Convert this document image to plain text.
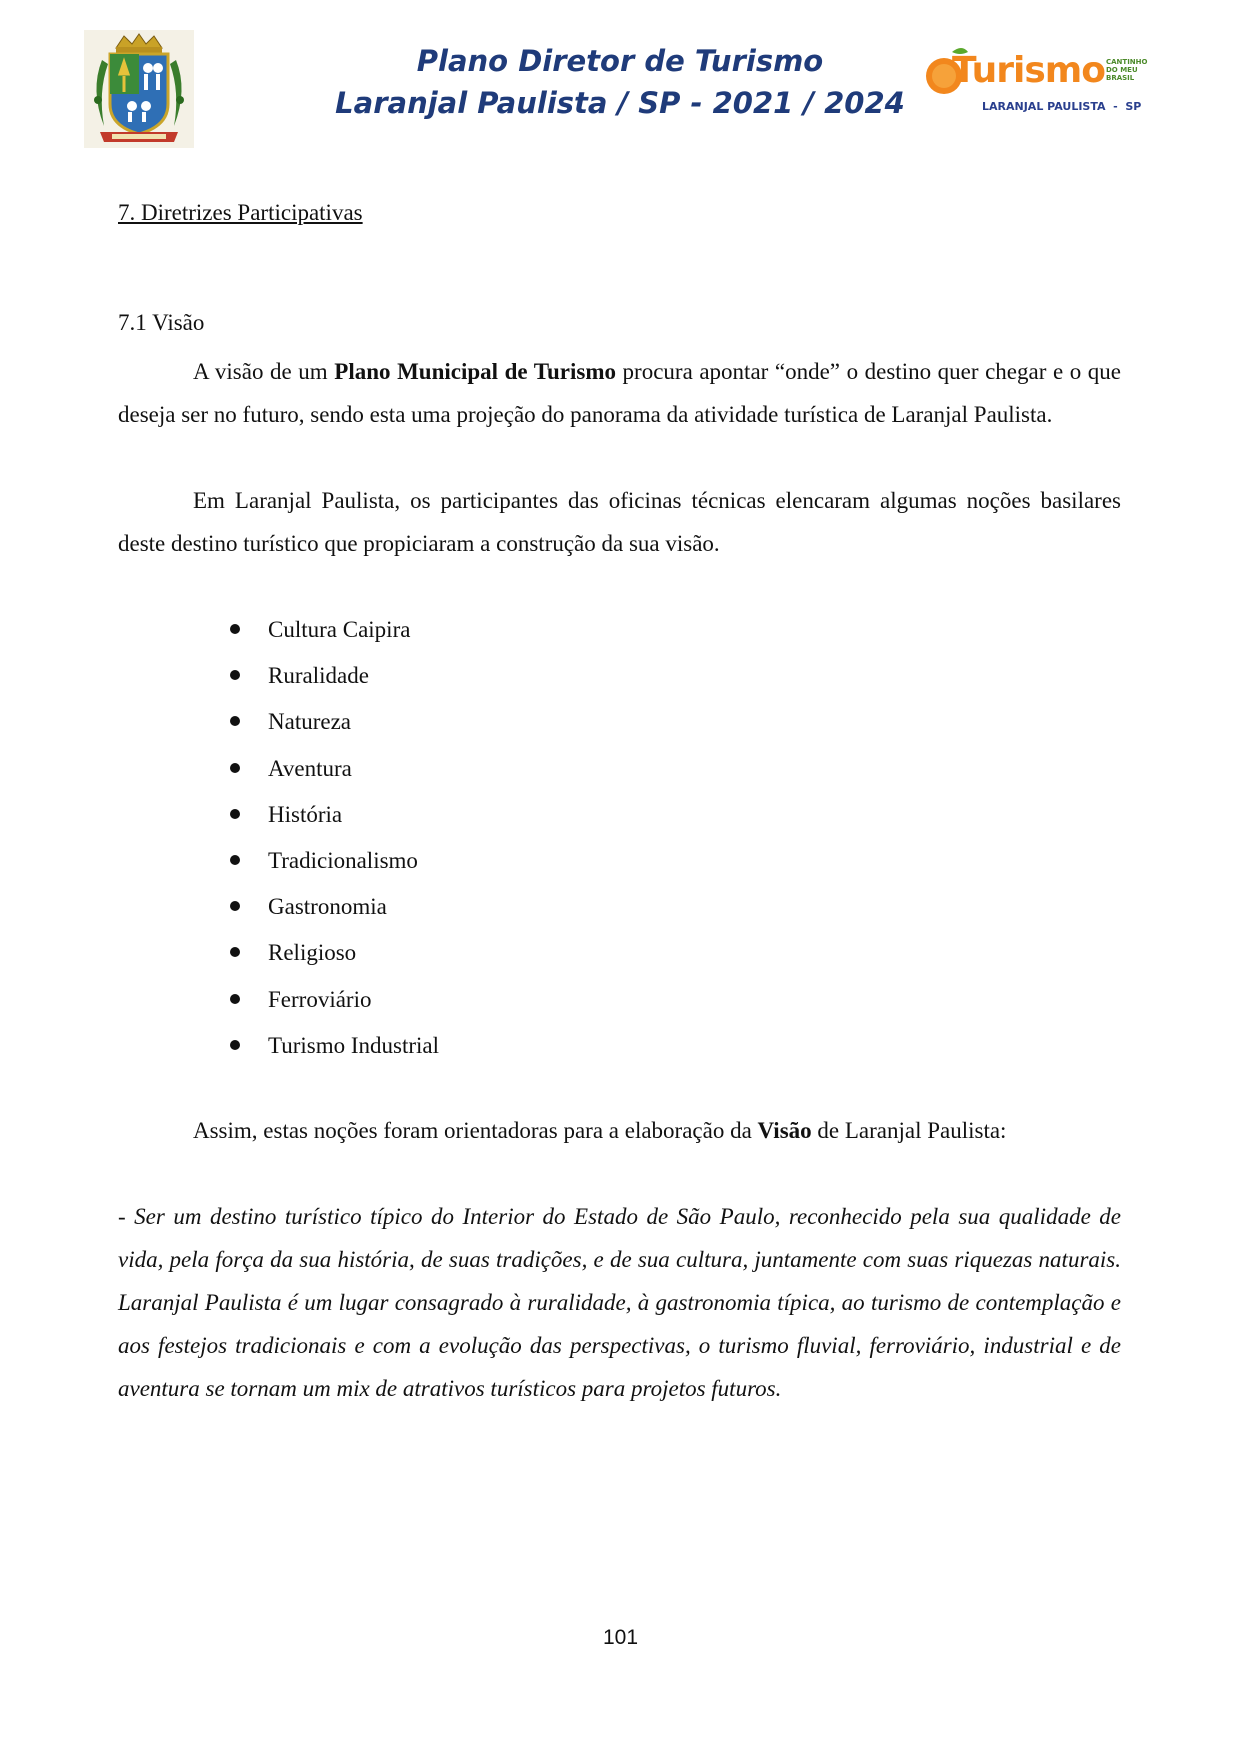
Plano Diretor de Turismo
Laranjal Paulista / SP - 2021 / 2024
Turismo CANTINHO
DO MEU
BRASIL
LARANJAL PAULISTA  -  SP
7. Diretrizes Participativas
7.1 Visão

A visão de um Plano Municipal de Turismo procura apontar “onde” o destino quer chegar e o que deseja ser no futuro, sendo esta uma projeção do panorama da atividade turística de Laranjal Paulista.

Em Laranjal Paulista, os participantes das oficinas técnicas elencaram algumas noções basilares deste destino turístico que propiciaram a construção da sua visão.

Cultura Caipira
Ruralidade
Natureza
Aventura
História
Tradicionalismo
Gastronomia
Religioso
Ferroviário
Turismo Industrial

Assim, estas noções foram orientadoras para a elaboração da Visão de Laranjal Paulista:

- Ser um destino turístico típico do Interior do Estado de São Paulo, reconhecido pela sua qualidade de vida, pela força da sua história, de suas tradições, e de sua cultura, juntamente com suas riquezas naturais. Laranjal Paulista é um lugar consagrado à ruralidade, à gastronomia típica, ao turismo de contemplação e aos festejos tradicionais e com a evolução das perspectivas, o turismo fluvial, ferroviário, industrial e de aventura se tornam um mix de atrativos turísticos para projetos futuros.

101
